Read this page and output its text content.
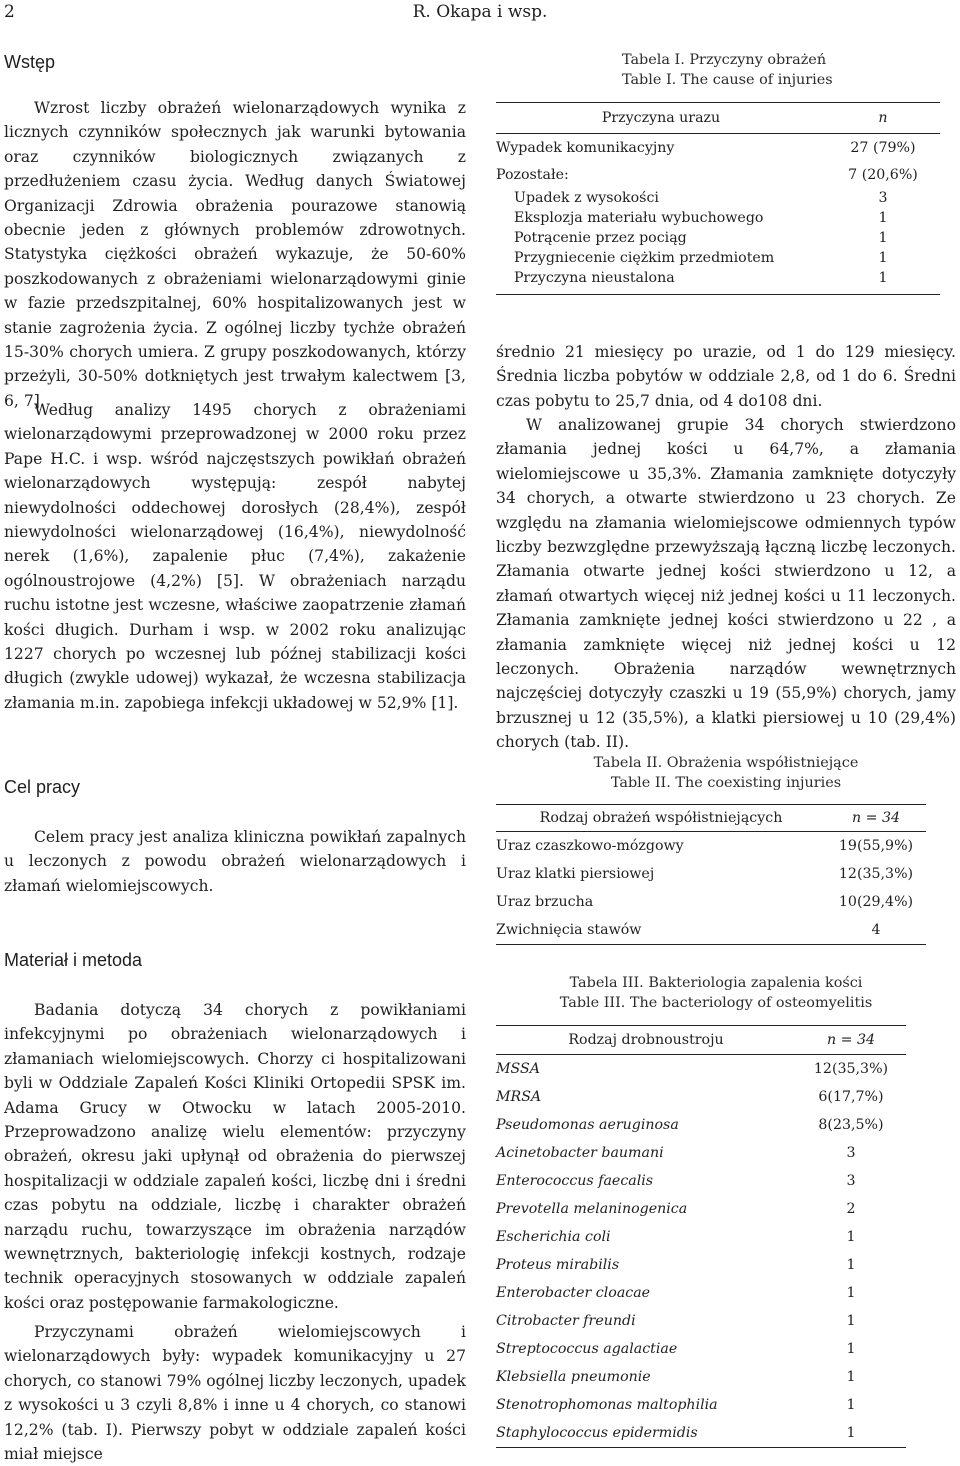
2	R. Okapa i wsp.
Wstęp

Wzrost liczby obrażeń wielonarządowych wynika z licznych czynników społecznych jak warunki bytowania oraz czynników biologicznych związanych z przedłużeniem czasu życia. Według danych Światowej Organizacji Zdrowia obrażenia pourazowe stanowią obecnie jeden z głównych problemów zdrowotnych. Statystyka ciężkości obrażeń wykazuje, że 50-60% poszkodowanych z obrażeniami wielonarządowymi ginie w fazie przedszpitalnej, 60% hospitalizowanych jest w stanie zagrożenia życia. Z ogólnej liczby tychże obrażeń 15-30% chorych umiera. Z grupy poszkodowanych, którzy przeżyli, 30-50% dotkniętych jest trwałym kalectwem [3, 6, 7].

Według analizy 1495 chorych z obrażeniami wielonarządowymi przeprowadzonej w 2000 roku przez Pape H.C. i wsp. wśród najczęstszych powikłań obrażeń wielonarządowych występują: zespół nabytej niewydolności oddechowej dorosłych (28,4%), zespół niewydolności wielonarządowej (16,4%), niewydolność nerek (1,6%), zapalenie płuc (7,4%), zakażenie ogólnoustrojowe (4,2%) [5]. W obrażeniach narządu ruchu istotne jest wczesne, właściwe zaopatrzenie złamań kości długich. Durham i wsp. w 2002 roku analizując 1227 chorych po wczesnej lub późnej stabilizacji kości długich (zwykle udowej) wykazał, że wczesna stabilizacja złamania m.in. zapobiega infekcji układowej w 52,9% [1].

Cel pracy

Celem pracy jest analiza kliniczna powikłań zapalnych u leczonych z powodu obrażeń wielonarządowych i złamań wielomiejscowych.

Materiał i metoda

Badania dotyczą 34 chorych z powikłaniami infekcyjnymi po obrażeniach wielonarządowych i złamaniach wielomiejscowych. Chorzy ci hospitalizowani byli w Oddziale Zapaleń Kości Kliniki Ortopedii SPSK im. Adama Grucy w Otwocku w latach 2005-2010. Przeprowadzono analizę wielu elementów: przyczyny obrażeń, okresu jaki upłynął od obrażenia do pierwszej hospitalizacji w oddziale zapaleń kości, liczbę dni i średni czas pobytu na oddziale, liczbę i charakter obrażeń narządu ruchu, towarzyszące im obrażenia narządów wewnętrznych, bakteriologię infekcji kostnych, rodzaje technik operacyjnych stosowanych w oddziale zapaleń kości oraz postępowanie farmakologiczne.

Przyczynami obrażeń wielomiejscowych i wielonarządowych były: wypadek komunikacyjny u 27 chorych, co stanowi 79% ogólnej liczby leczonych, upadek z wysokości u 3 czyli 8,8% i inne u 4 chorych, co stanowi 12,2% (tab. I). Pierwszy pobyt w oddziale zapaleń kości miał miejsce

Tabela I. Przyczyny obrażeń
Table I. The cause of injuries
Przyczyna urazu	n
Wypadek komunikacyjny	27 (79%)
Pozostałe:	7 (20,6%)
Upadek z wysokości	3
Eksplozja materiału wybuchowego	1
Potrącenie przez pociąg	1
Przygniecenie ciężkim przedmiotem	1
Przyczyna nieustalona	1

średnio 21 miesięcy po urazie, od 1 do 129 miesięcy. Średnia liczba pobytów w oddziale 2,8, od 1 do 6. Średni czas pobytu to 25,7 dnia, od 4 do108 dni.

W analizowanej grupie 34 chorych stwierdzono złamania jednej kości u 64,7%, a złamania wielomiejscowe u 35,3%. Złamania zamknięte dotyczyły 34 chorych, a otwarte stwierdzono u 23 chorych. Ze względu na złamania wielomiejscowe odmiennych typów liczby bezwzględne przewyższają łączną liczbę leczonych. Złamania otwarte jednej kości stwierdzono u 12, a złamań otwartych więcej niż jednej kości u 11 leczonych. Złamania zamknięte jednej kości stwierdzono u 22 , a złamania zamknięte więcej niż jednej kości u 12 leczonych. Obrażenia narządów wewnętrznych najczęściej dotyczyły czaszki u 19 (55,9%) chorych, jamy brzusznej u 12 (35,5%), a klatki piersiowej u 10 (29,4%) chorych (tab. II).

Tabela II. Obrażenia współistniejące
Table II. The coexisting injuries
Rodzaj obrażeń współistniejących	n = 34
Uraz czaszkowo-mózgowy	19(55,9%)
Uraz klatki piersiowej	12(35,3%)
Uraz brzucha	10(29,4%)
Zwichnięcia stawów	4
Tabela III. Bakteriologia zapalenia kości
Table III. The bacteriology of osteomyelitis
Rodzaj drobnoustroju	n = 34
MSSA	12(35,3%)
MRSA	6(17,7%)
Pseudomonas aeruginosa	8(23,5%)
Acinetobacter baumani	3
Enterococcus faecalis	3
Prevotella melaninogenica	2
Escherichia coli	1
Proteus mirabilis	1
Enterobacter cloacae	1
Citrobacter freundi	1
Streptococcus agalactiae	1
Klebsiella pneumonie	1
Stenotrophomonas maltophilia	1
Staphylococcus epidermidis	1
